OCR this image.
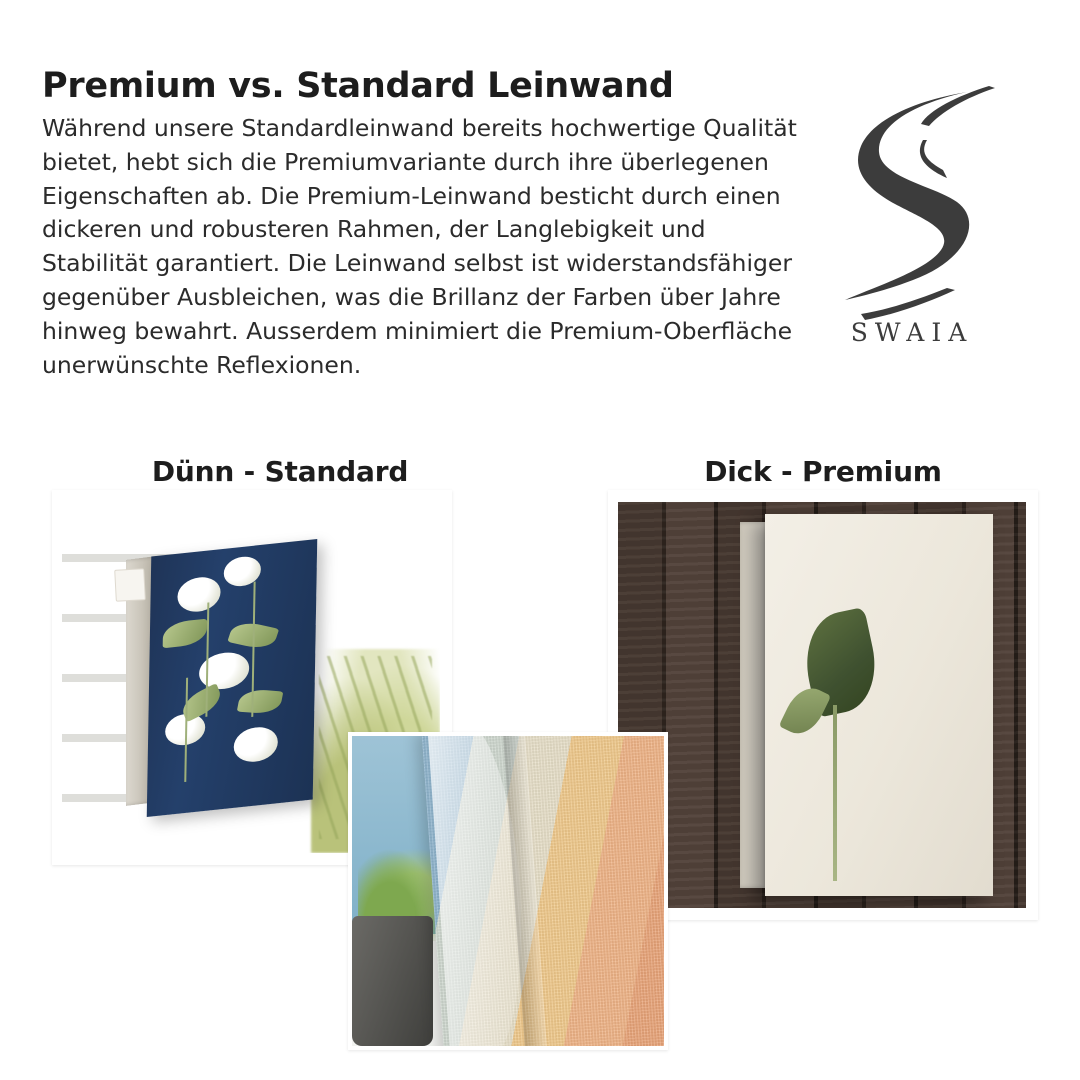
Premium vs. Standard Leinwand
Während unsere Standardleinwand bereits hochwertige Qualität bietet, hebt sich die Premiumvariante durch ihre überlegenen Eigenschaften ab. Die Premium-Leinwand besticht durch einen dickeren und robusteren Rahmen, der Langlebigkeit und Stabilität garantiert. Die Leinwand selbst ist widerstandsfähiger gegenüber Ausbleichen, was die Brillanz der Farben über Jahre hinweg bewahrt. Ausserdem minimiert die Premium-Oberfläche unerwünschte Reflexionen.
SWAIA
Dünn - Standard	Dick - Premium
